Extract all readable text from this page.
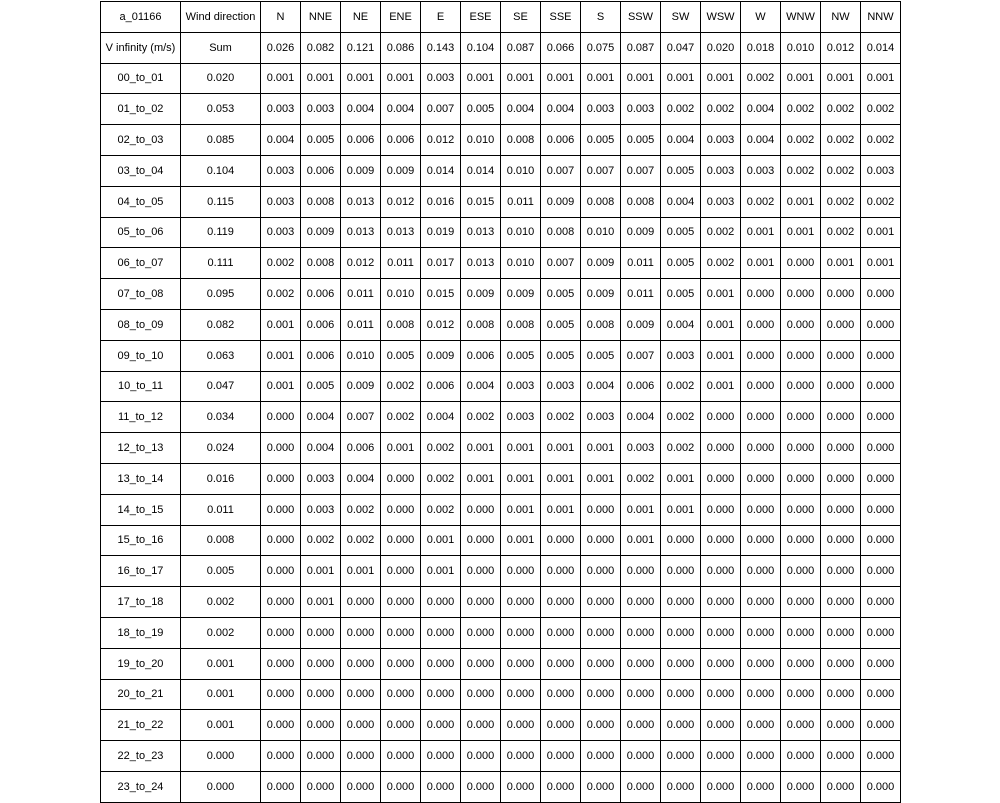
a_01166	Wind direction	N	NNE	NE	ENE	E	ESE	SE	SSE	S	SSW	SW	WSW	W	WNW	NW	NNW
V infinity (m/s)	Sum	0.026	0.082	0.121	0.086	0.143	0.104	0.087	0.066	0.075	0.087	0.047	0.020	0.018	0.010	0.012	0.014
00_to_01	0.020	0.001	0.001	0.001	0.001	0.003	0.001	0.001	0.001	0.001	0.001	0.001	0.001	0.002	0.001	0.001	0.001
01_to_02	0.053	0.003	0.003	0.004	0.004	0.007	0.005	0.004	0.004	0.003	0.003	0.002	0.002	0.004	0.002	0.002	0.002
02_to_03	0.085	0.004	0.005	0.006	0.006	0.012	0.010	0.008	0.006	0.005	0.005	0.004	0.003	0.004	0.002	0.002	0.002
03_to_04	0.104	0.003	0.006	0.009	0.009	0.014	0.014	0.010	0.007	0.007	0.007	0.005	0.003	0.003	0.002	0.002	0.003
04_to_05	0.115	0.003	0.008	0.013	0.012	0.016	0.015	0.011	0.009	0.008	0.008	0.004	0.003	0.002	0.001	0.002	0.002
05_to_06	0.119	0.003	0.009	0.013	0.013	0.019	0.013	0.010	0.008	0.010	0.009	0.005	0.002	0.001	0.001	0.002	0.001
06_to_07	0.111	0.002	0.008	0.012	0.011	0.017	0.013	0.010	0.007	0.009	0.011	0.005	0.002	0.001	0.000	0.001	0.001
07_to_08	0.095	0.002	0.006	0.011	0.010	0.015	0.009	0.009	0.005	0.009	0.011	0.005	0.001	0.000	0.000	0.000	0.000
08_to_09	0.082	0.001	0.006	0.011	0.008	0.012	0.008	0.008	0.005	0.008	0.009	0.004	0.001	0.000	0.000	0.000	0.000
09_to_10	0.063	0.001	0.006	0.010	0.005	0.009	0.006	0.005	0.005	0.005	0.007	0.003	0.001	0.000	0.000	0.000	0.000
10_to_11	0.047	0.001	0.005	0.009	0.002	0.006	0.004	0.003	0.003	0.004	0.006	0.002	0.001	0.000	0.000	0.000	0.000
11_to_12	0.034	0.000	0.004	0.007	0.002	0.004	0.002	0.003	0.002	0.003	0.004	0.002	0.000	0.000	0.000	0.000	0.000
12_to_13	0.024	0.000	0.004	0.006	0.001	0.002	0.001	0.001	0.001	0.001	0.003	0.002	0.000	0.000	0.000	0.000	0.000
13_to_14	0.016	0.000	0.003	0.004	0.000	0.002	0.001	0.001	0.001	0.001	0.002	0.001	0.000	0.000	0.000	0.000	0.000
14_to_15	0.011	0.000	0.003	0.002	0.000	0.002	0.000	0.001	0.001	0.000	0.001	0.001	0.000	0.000	0.000	0.000	0.000
15_to_16	0.008	0.000	0.002	0.002	0.000	0.001	0.000	0.001	0.000	0.000	0.001	0.000	0.000	0.000	0.000	0.000	0.000
16_to_17	0.005	0.000	0.001	0.001	0.000	0.001	0.000	0.000	0.000	0.000	0.000	0.000	0.000	0.000	0.000	0.000	0.000
17_to_18	0.002	0.000	0.001	0.000	0.000	0.000	0.000	0.000	0.000	0.000	0.000	0.000	0.000	0.000	0.000	0.000	0.000
18_to_19	0.002	0.000	0.000	0.000	0.000	0.000	0.000	0.000	0.000	0.000	0.000	0.000	0.000	0.000	0.000	0.000	0.000
19_to_20	0.001	0.000	0.000	0.000	0.000	0.000	0.000	0.000	0.000	0.000	0.000	0.000	0.000	0.000	0.000	0.000	0.000
20_to_21	0.001	0.000	0.000	0.000	0.000	0.000	0.000	0.000	0.000	0.000	0.000	0.000	0.000	0.000	0.000	0.000	0.000
21_to_22	0.001	0.000	0.000	0.000	0.000	0.000	0.000	0.000	0.000	0.000	0.000	0.000	0.000	0.000	0.000	0.000	0.000
22_to_23	0.000	0.000	0.000	0.000	0.000	0.000	0.000	0.000	0.000	0.000	0.000	0.000	0.000	0.000	0.000	0.000	0.000
23_to_24	0.000	0.000	0.000	0.000	0.000	0.000	0.000	0.000	0.000	0.000	0.000	0.000	0.000	0.000	0.000	0.000	0.000
